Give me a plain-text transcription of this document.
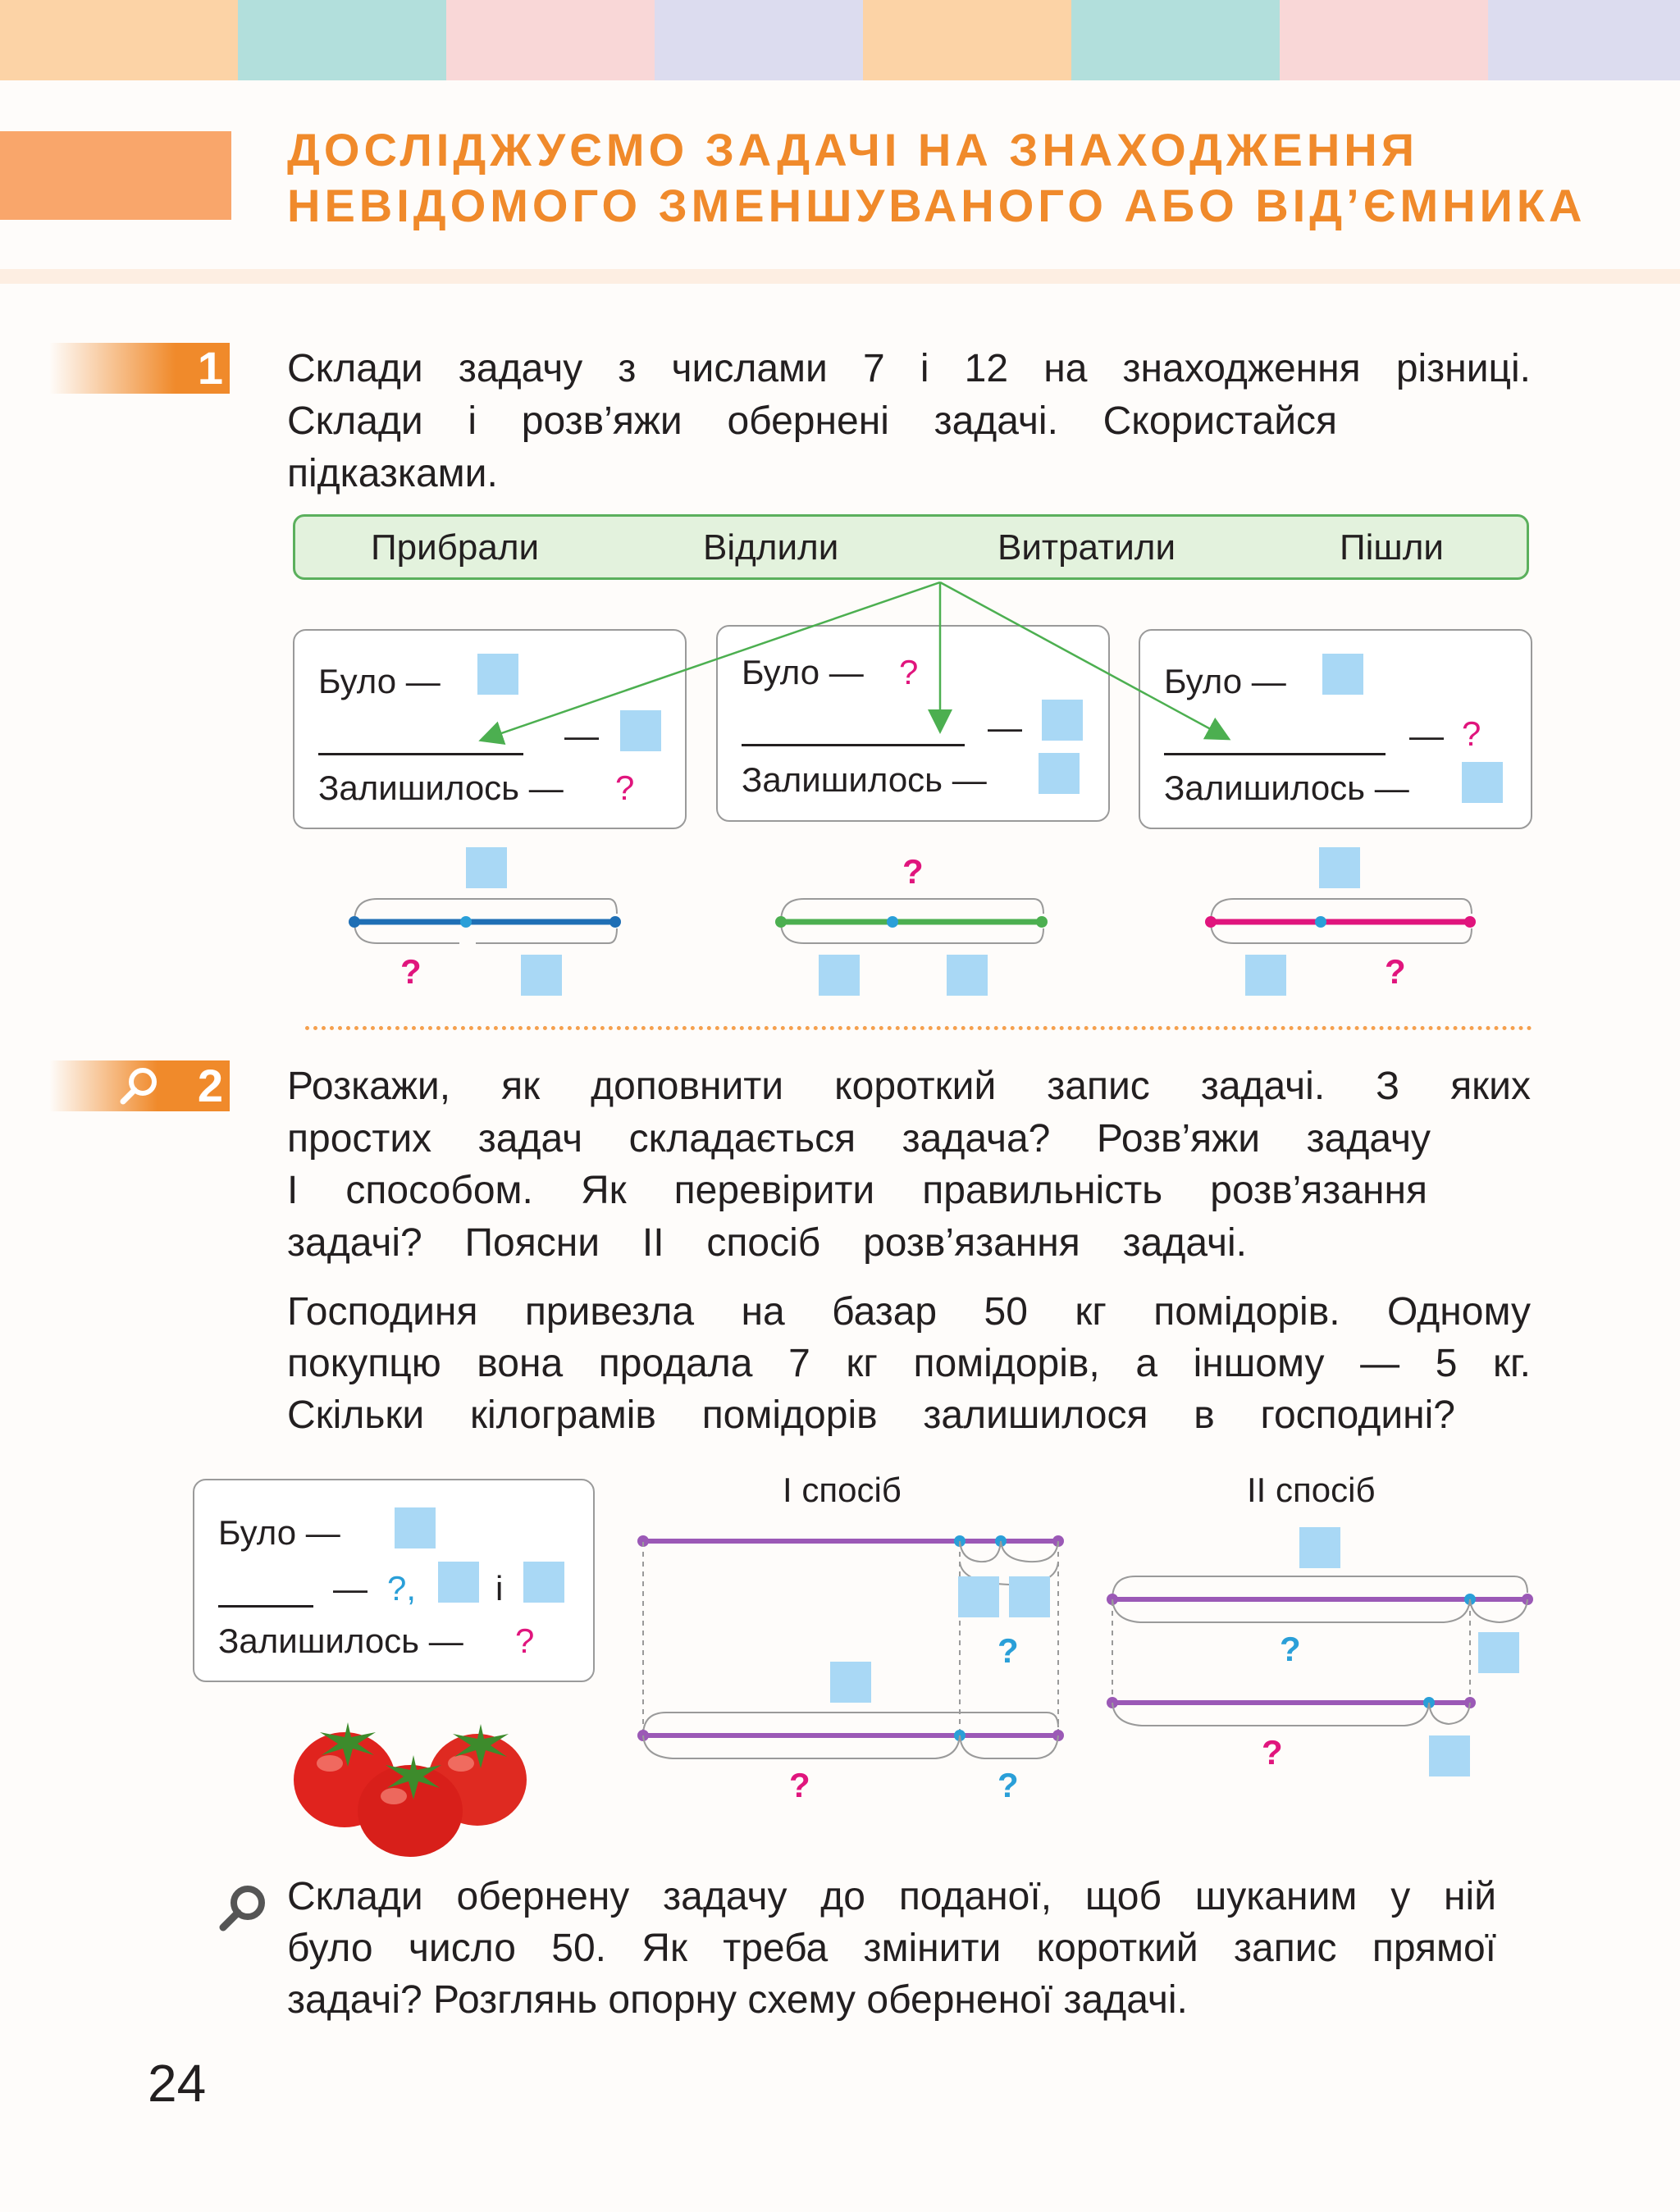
ДОСЛІДЖУЄМО ЗАДАЧІ НА ЗНАХОДЖЕННЯ
НЕВІДОМОГО ЗМЕНШУВАНОГО АБО ВІД’ЄМНИКА
1 Склади задачу з числами 7 і 12 на знаходження різниці.
Склади і розв’яжи обернені задачі. Скористайся
підказками.
Прибрали	Відлили	Витратили	Пішли
Було —
—
Залишилось — ?
Було — ?
—
Залишилось —
Було —
— ?
Залишилось —
?
?
?
2 Розкажи, як доповнити короткий запис задачі. З яких
простих задач складається задача? Розв’яжи задачу
І способом. Як перевірити правильність розв’язання
задачі? Поясни ІІ спосіб розв’язання задачі.
Господиня привезла на базар 50 кг помідорів. Одному
покупцю вона продала 7 кг помідорів, а іншому — 5 кг.
Скільки кілограмів помідорів залишилося в господині?
Було —
— ?, і
Залишилось — ?
І спосіб	ІІ спосіб
?
?	?
?
?
Склади обернену задачу до поданої, щоб шуканим у ній
було число 50. Як треба змінити короткий запис прямої
задачі? Розглянь опорну схему оберненої задачі.
24
